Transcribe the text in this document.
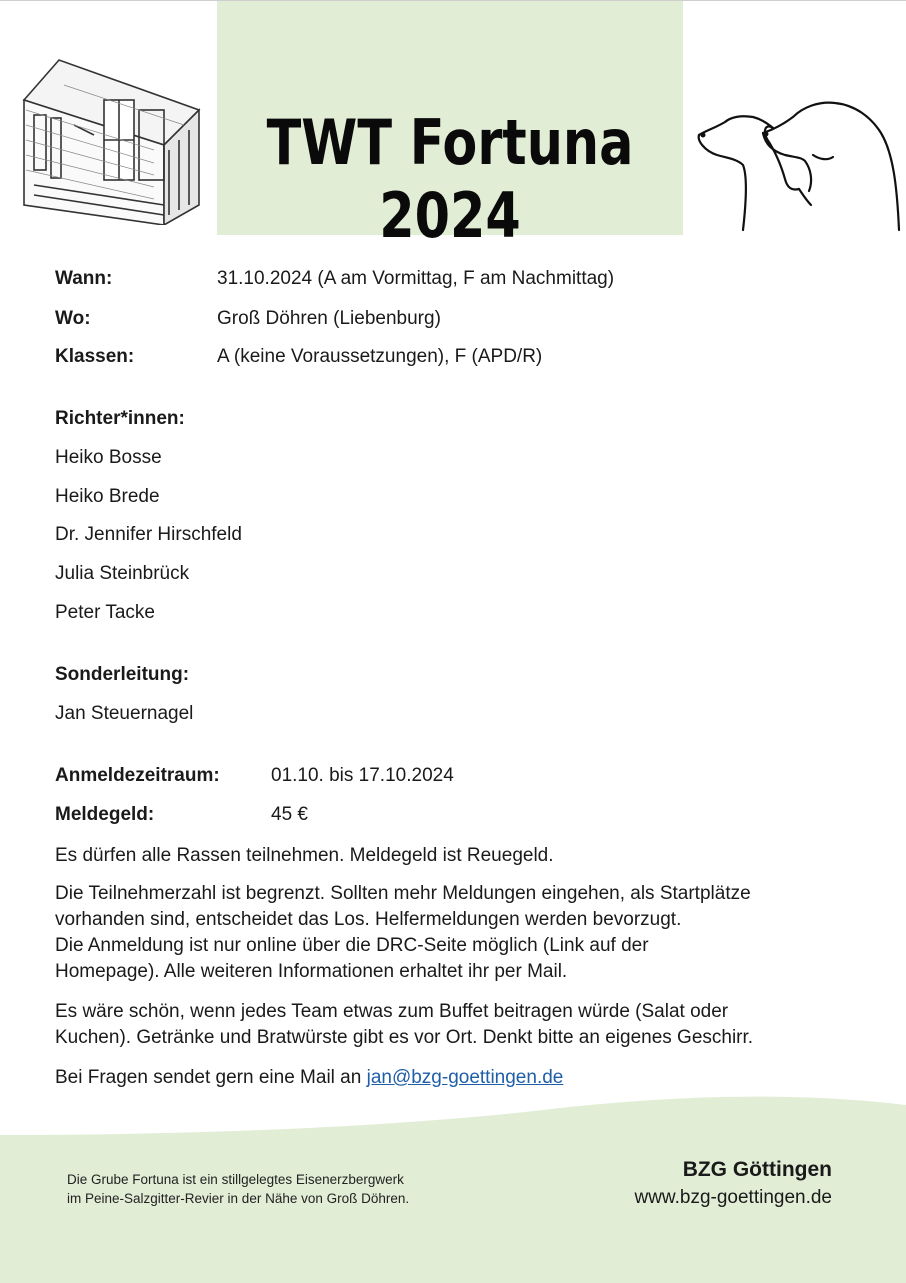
TWT Fortuna 2024
Wann:	31.10.2024 (A am Vormittag, F am Nachmittag)
Wo:	Groß Döhren (Liebenburg)
Klassen:	A (keine Voraussetzungen), F (APD/R)
Richter*innen:
Heiko Bosse
Heiko Brede
Dr. Jennifer Hirschfeld
Julia Steinbrück
Peter Tacke
Sonderleitung:
Jan Steuernagel
Anmeldezeitraum:	01.10. bis 17.10.2024
Meldegeld:	45 €
Es dürfen alle Rassen teilnehmen. Meldegeld ist Reuegeld.
Die Teilnehmerzahl ist begrenzt. Sollten mehr Meldungen eingehen, als Startplätze
vorhanden sind, entscheidet das Los. Helfermeldungen werden bevorzugt.
Die Anmeldung ist nur online über die DRC-Seite möglich (Link auf der
Homepage). Alle weiteren Informationen erhaltet ihr per Mail.
Es wäre schön, wenn jedes Team etwas zum Buffet beitragen würde (Salat oder
Kuchen). Getränke und Bratwürste gibt es vor Ort. Denkt bitte an eigenes Geschirr.
Bei Fragen sendet gern eine Mail an jan@bzg-goettingen.de
Die Grube Fortuna ist ein stillgelegtes Eisenerzbergwerk
im Peine-Salzgitter-Revier in der Nähe von Groß Döhren.
BZG Göttingen
www.bzg-goettingen.de
